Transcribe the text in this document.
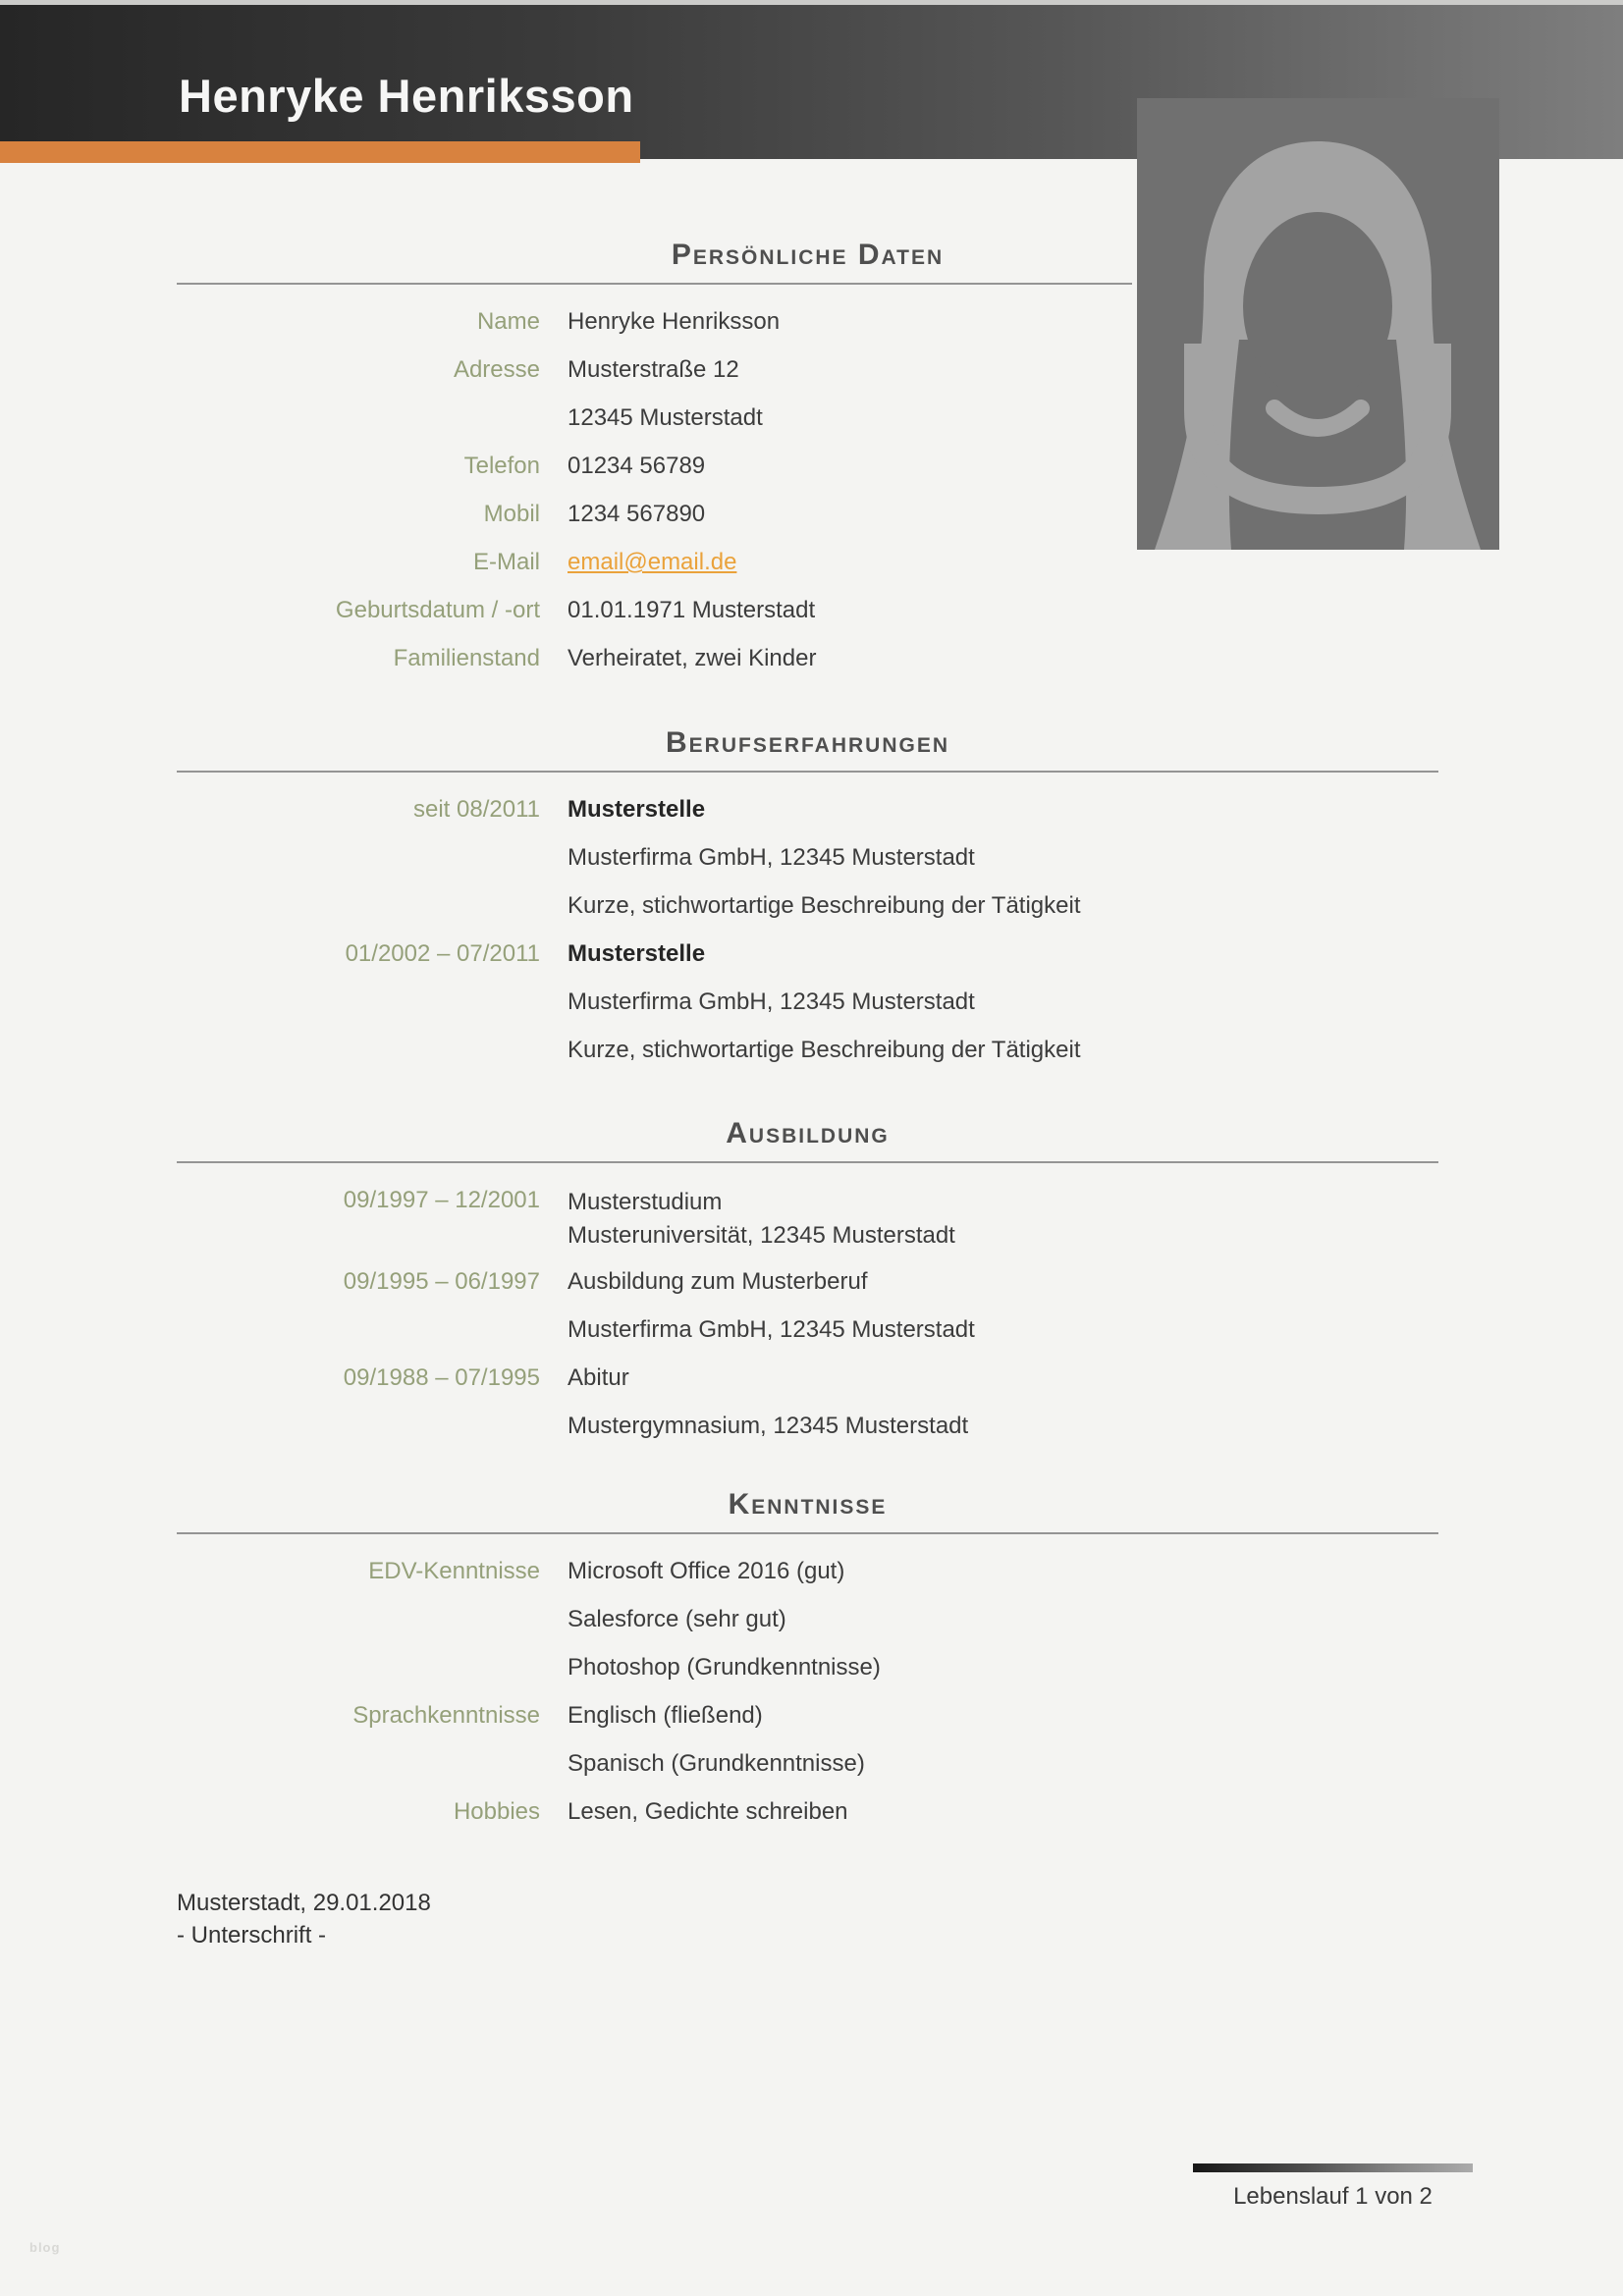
Henryke Henriksson
Persönliche Daten
Name Henryke Henriksson
Adresse Musterstraße 12
12345 Musterstadt
Telefon 01234 56789
Mobil 1234 567890
E-Mail email@email.de
Geburtsdatum / -ort 01.01.1971 Musterstadt
Familienstand Verheiratet, zwei Kinder
Berufserfahrungen
seit 08/2011 Musterstelle
Musterfirma GmbH, 12345 Musterstadt
Kurze, stichwortartige Beschreibung der Tätigkeit
01/2002 – 07/2011 Musterstelle
Musterfirma GmbH, 12345 Musterstadt
Kurze, stichwortartige Beschreibung der Tätigkeit
Ausbildung
09/1997 – 12/2001 Musterstudium
Musteruniversität, 12345 Musterstadt
09/1995 – 06/1997 Ausbildung zum Musterberuf
Musterfirma GmbH, 12345 Musterstadt
09/1988 – 07/1995 Abitur
Mustergymnasium, 12345 Musterstadt
Kenntnisse
EDV-Kenntnisse Microsoft Office 2016 (gut)
Salesforce (sehr gut)
Photoshop (Grundkenntnisse)
Sprachkenntnisse Englisch (fließend)
Spanisch (Grundkenntnisse)
Hobbies Lesen, Gedichte schreiben
Musterstadt, 29.01.2018
- Unterschrift -
Lebenslauf 1 von 2
blog
